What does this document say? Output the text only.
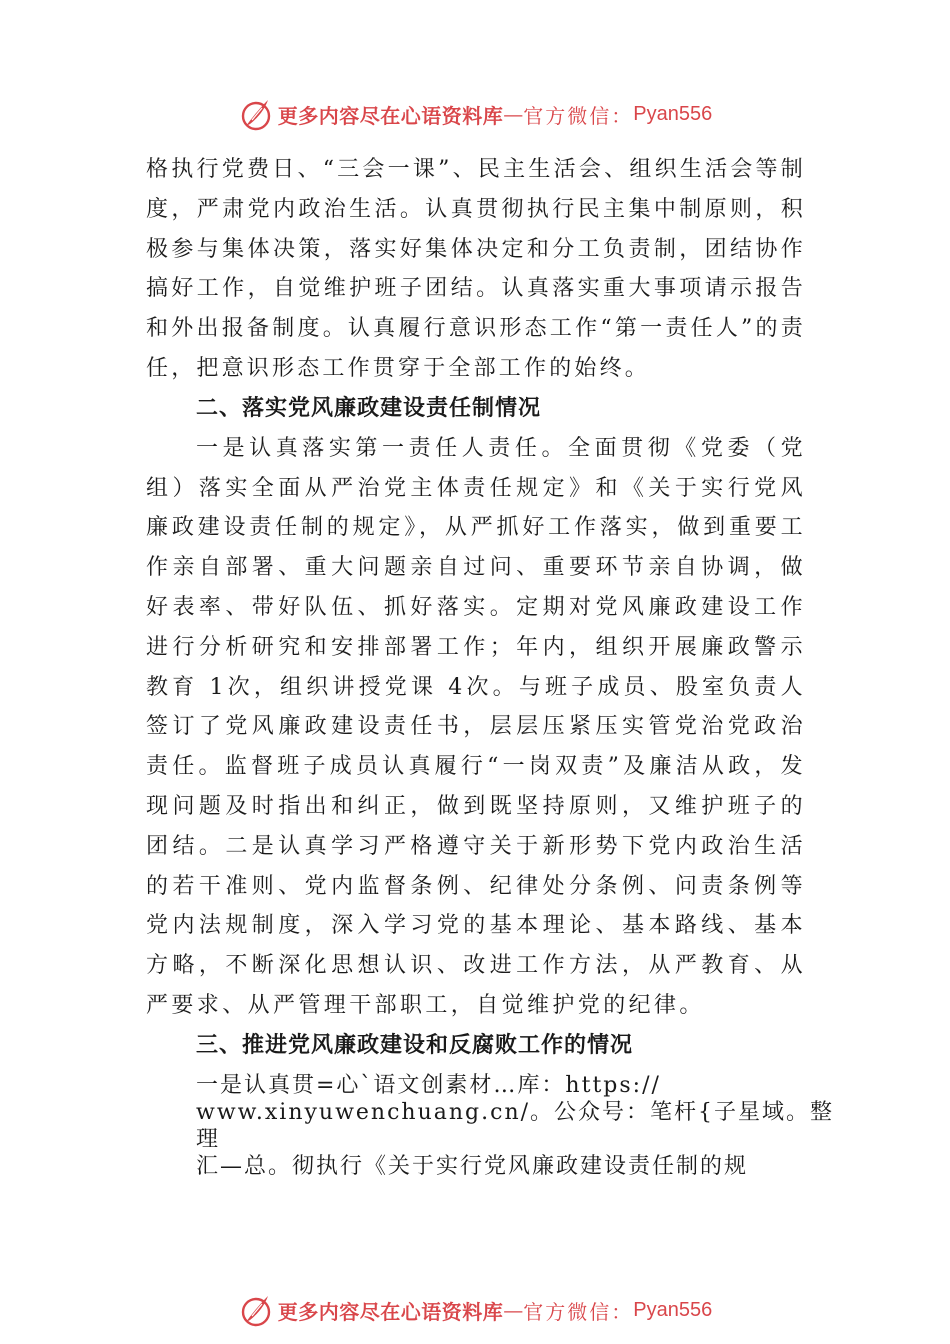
更多内容尽在心语资料库 — 官方微信： Pyan556

格执行党费日、“三会一课”、民主生活会、组织生活会等制度，严肃党内政治生活。认真贯彻执行民主集中制原则，积极参与集体决策，落实好集体决定和分工负责制，团结协作搞好工作，自觉维护班子团结。认真落实重大事项请示报告和外出报备制度。认真履行意识形态工作“第一责任人”的责任，把意识形态工作贯穿于全部工作的始终。

二、落实党风廉政建设责任制情况

一是认真落实第一责任人责任。全面贯彻《党委（党组）落实全面从严治党主体责任规定》和《关于实行党风廉政建设责任制的规定》，从严抓好工作落实，做到重要工作亲自部署、重大问题亲自过问、重要环节亲自协调，做好表率、带好队伍、抓好落实。定期对党风廉政建设工作进行分析研究和安排部署工作；年内，组织开展廉政警示教育 1次，组织讲授党课 4次。与班子成员、股室负责人签订了党风廉政建设责任书，层层压紧压实管党治党政治责任。监督班子成员认真履行“一岗双责”及廉洁从政，发现问题及时指出和纠正，做到既坚持原则，又维护班子的团结。二是认真学习严格遵守关于新形势下党内政治生活的若干准则、党内监督条例、纪律处分条例、问责条例等党内法规制度，深入学习党的基本理论、基本路线、基本方略，不断深化思想认识、改进工作方法，从严教育、从严要求、从严管理干部职工，自觉维护党的纪律。

三、推进党风廉政建设和反腐败工作的情况
一是认真贯=心`语文创素材…库：https://
www.xinyuwenchuang.cn/。公众号：笔杆{子星域。整理
汇—总。彻执行《关于实行党风廉政建设责任制的规
更多内容尽在心语资料库 — 官方微信： Pyan556
